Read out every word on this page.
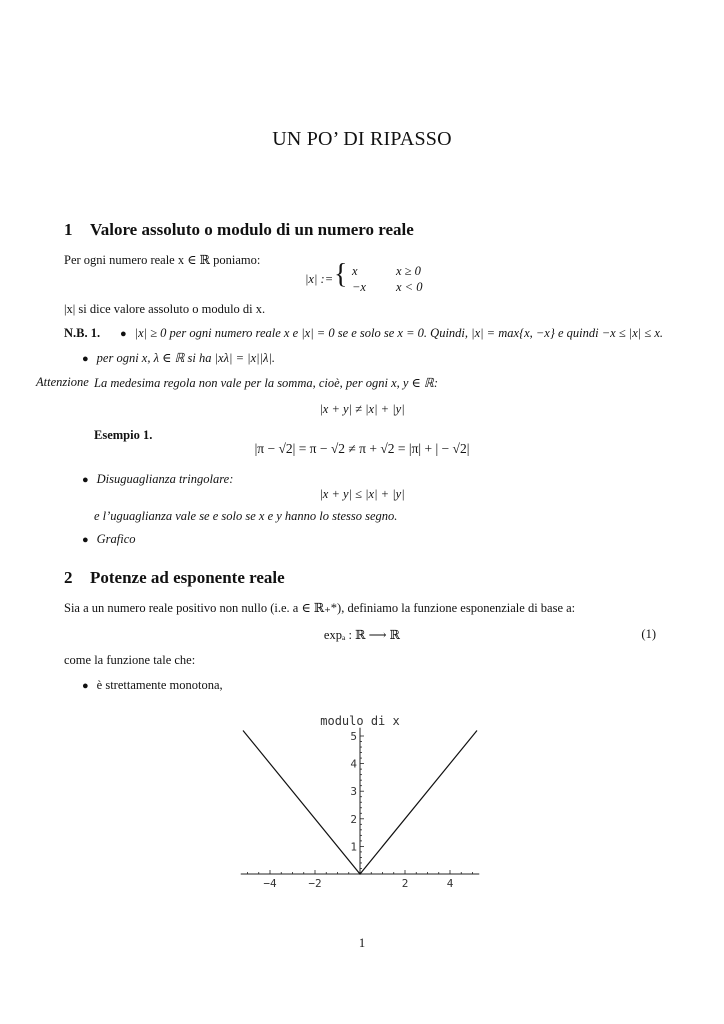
UN PO’ DI RIPASSO
1 Valore assoluto o modulo di un numero reale
Per ogni numero reale x ∈ ℝ poniamo:
|x| := { x	x ≥ 0
−x x < 0
|x| si dice valore assoluto o modulo di x.
N.B. 1. ● |x| ≥ 0 per ogni numero reale x e |x| = 0 se e solo se x = 0. Quindi, |x| = max{x, −x} e quindi −x ≤ |x| ≤ x.
● per ogni x, λ ∈ ℝ si ha |xλ| = |x||λ|.
Attenzione La medesima regola non vale per la somma, cioè, per ogni x, y ∈ ℝ:
|x + y| ≠ |x| + |y|
Esempio 1.
|π − √2| = π − √2 ≠ π + √2 = |π| + | − √2|
● Disuguaglianza tringolare:
|x + y| ≤ |x| + |y|
e l’uguaglianza vale se e solo se x e y hanno lo stesso segno.
● Grafico
2 Potenze ad esponente reale
Sia a un numero reale positivo non nullo (i.e. a ∈ ℝ₊*), definiamo la funzione esponenziale di base a:
expₐ : ℝ ⟶ ℝ	(1)
come la funzione tale che:
● è strettamente monotona,
modulo di x
−4	−2	2	4
1
2
3
4
5
1
